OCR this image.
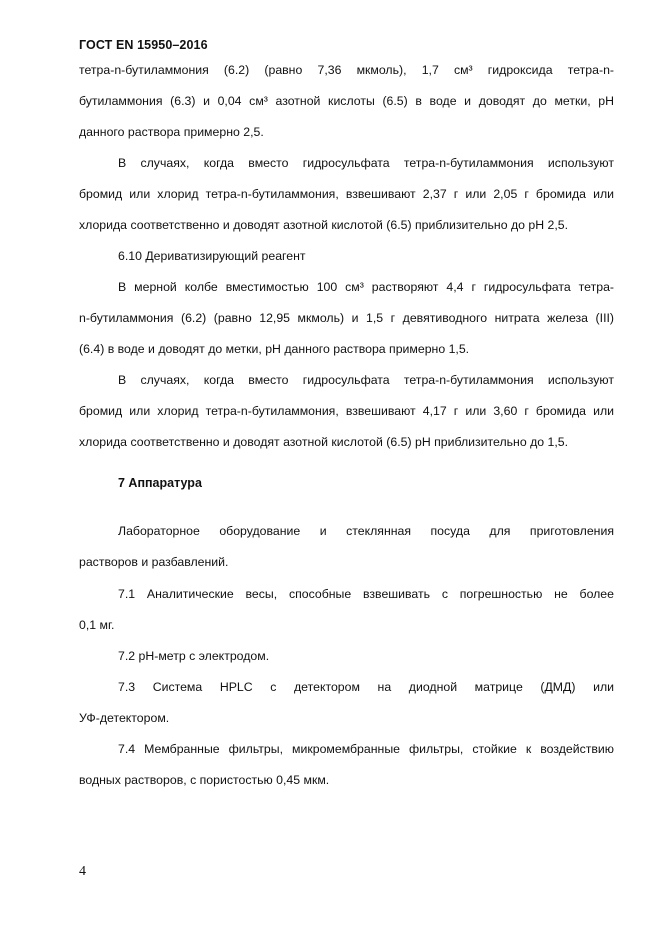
ГОСТ EN 15950–2016
тетра-n-бутиламмония (6.2) (равно 7,36 мкмоль), 1,7 см³ гидроксида тетра-n-
бутиламмония (6.3) и 0,04 см³ азотной кислоты (6.5) в воде и доводят до метки, pH
данного раствора примерно 2,5.
В случаях, когда вместо гидросульфата тетра-n-бутиламмония используют
бромид или хлорид тетра-n-бутиламмония, взвешивают 2,37 г или 2,05 г бромида или
хлорида соответственно и доводят азотной кислотой (6.5) приблизительно до pH 2,5.
6.10 Дериватизирующий реагент
В мерной колбе вместимостью 100 см³ растворяют 4,4 г гидросульфата тетра-
n-бутиламмония (6.2) (равно 12,95 мкмоль) и 1,5 г девятиводного нитрата железа (III)
(6.4) в воде и доводят до метки, pH данного раствора примерно 1,5.
В случаях, когда вместо гидросульфата тетра-n-бутиламмония используют
бромид или хлорид тетра-n-бутиламмония, взвешивают 4,17 г или 3,60 г бромида или
хлорида соответственно и доводят азотной кислотой (6.5) pH приблизительно до 1,5.
7 Аппаратура
Лабораторное оборудование и стеклянная посуда для приготовления
растворов и разбавлений.
7.1 Аналитические весы, способные взвешивать с погрешностью не более
0,1 мг.
7.2 pH-метр с электродом.
7.3 Система HPLC с детектором на диодной матрице (ДМД) или
УФ-детектором.
7.4 Мембранные фильтры, микромембранные фильтры, стойкие к воздействию
водных растворов, с пористостью 0,45 мкм.
4
